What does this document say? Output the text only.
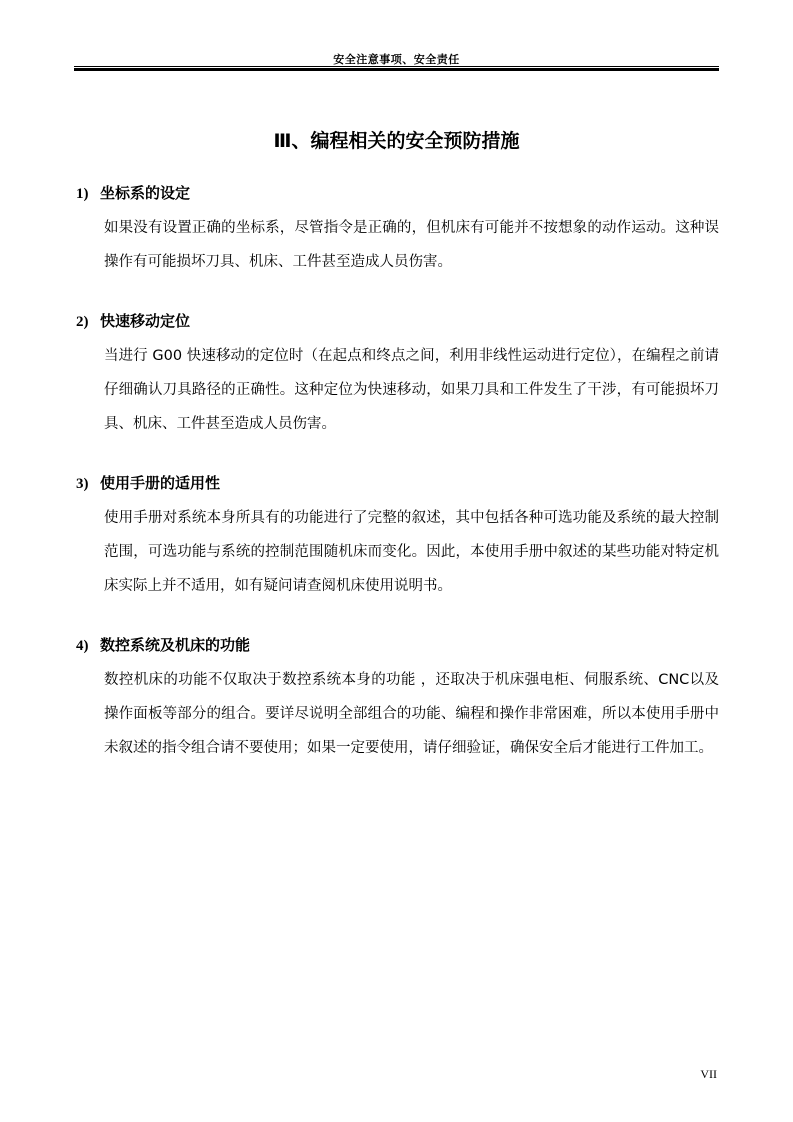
安全注意事项、安全责任
Ⅲ、编程相关的安全预防措施
1) 坐标系的设定
如果没有设置正确的坐标系，尽管指令是正确的，但机床有可能并不按想象的动作运动。这种误操作有可能损坏刀具、机床、工件甚至造成人员伤害。
2) 快速移动定位
当进行 G00 快速移动的定位时（在起点和终点之间，利用非线性运动进行定位），在编程之前请仔细确认刀具路径的正确性。这种定位为快速移动，如果刀具和工件发生了干涉，有可能损坏刀具、机床、工件甚至造成人员伤害。
3) 使用手册的适用性
使用手册对系统本身所具有的功能进行了完整的叙述，其中包括各种可选功能及系统的最大控制范围，可选功能与系统的控制范围随机床而变化。因此，本使用手册中叙述的某些功能对特定机床实际上并不适用，如有疑问请查阅机床使用说明书。
4) 数控系统及机床的功能
数控机床的功能不仅取决于数控系统本身的功能 ，还取决于机床强电柜、伺服系统、CNC以及操作面板等部分的组合。要详尽说明全部组合的功能、编程和操作非常困难，所以本使用手册中未叙述的指令组合请不要使用；如果一定要使用，请仔细验证，确保安全后才能进行工件加工。
VII
